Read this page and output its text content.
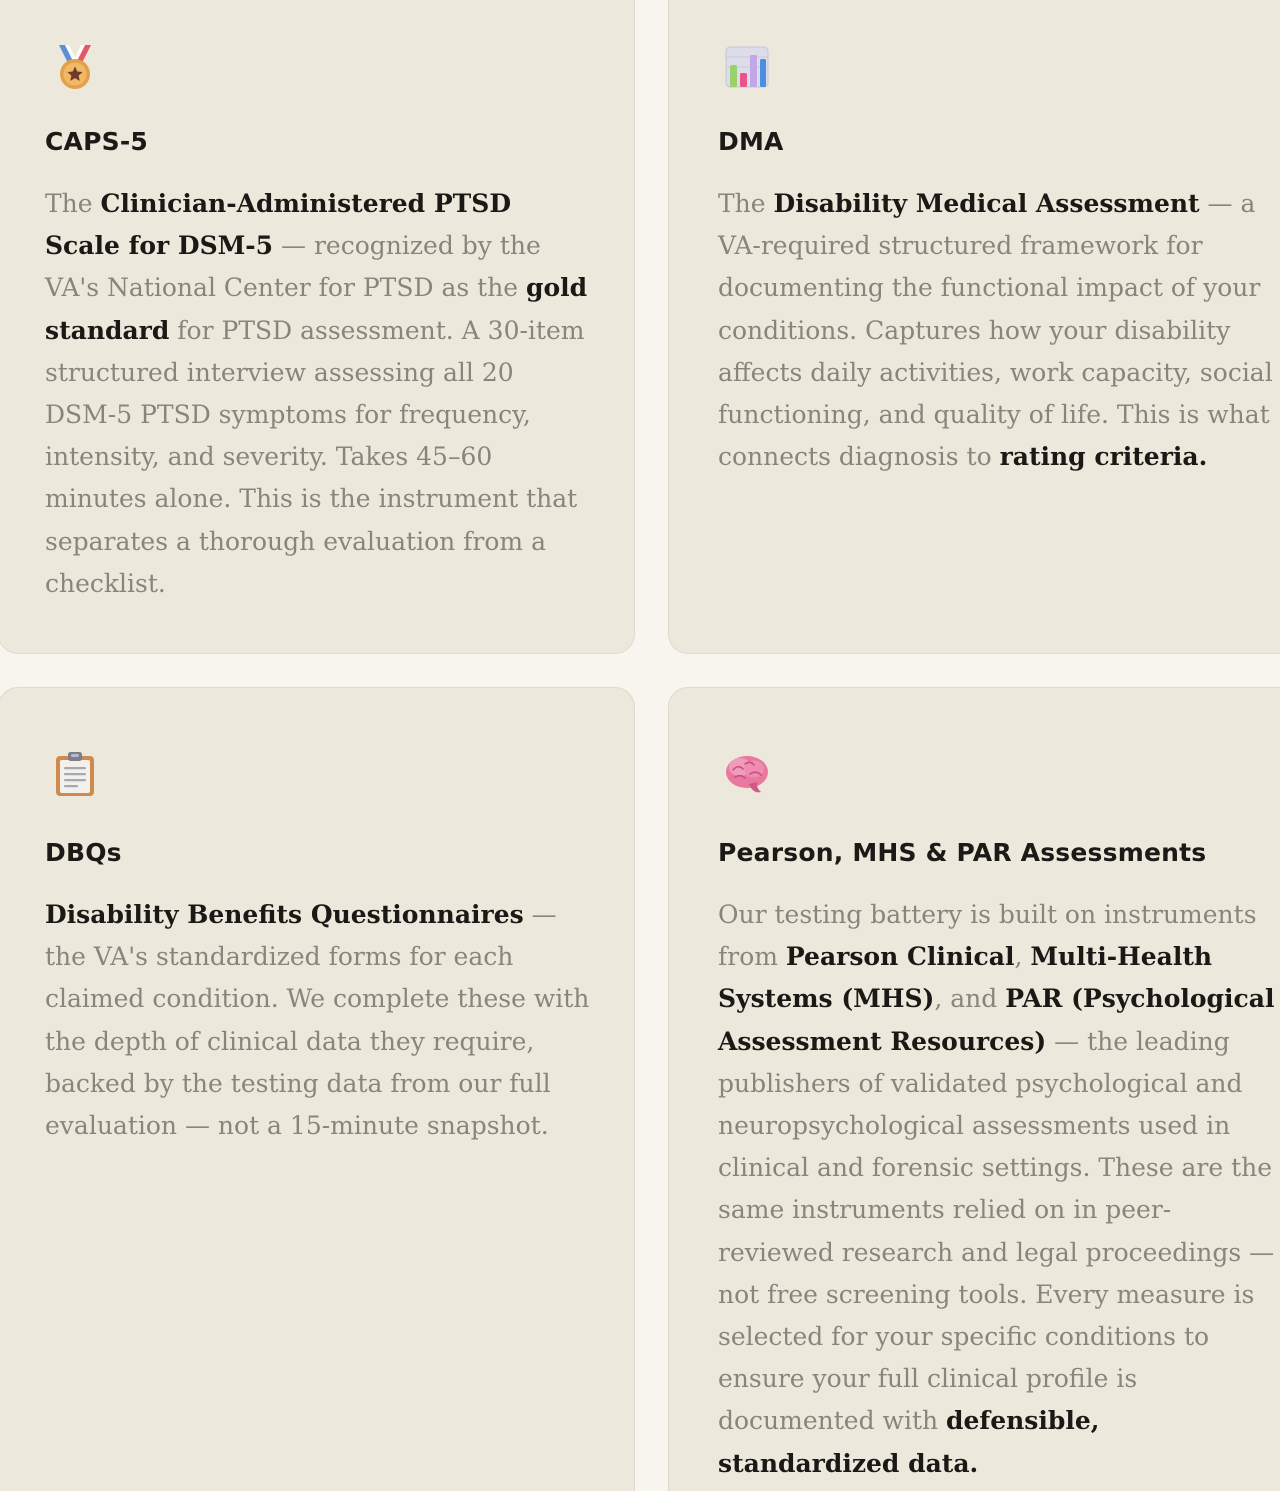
CAPS-5

The Clinician-Administered PTSD Scale for DSM-5 — recognized by the VA's National Center for PTSD as the gold standard for PTSD assessment. A 30-item structured interview assessing all 20 DSM-5 PTSD symptoms for frequency, intensity, and severity. Takes 45–60 minutes alone. This is the instrument that separates a thorough evaluation from a checklist.

DMA

The Disability Medical Assessment — a VA-required structured framework for documenting the functional impact of your conditions. Captures how your disability affects daily activities, work capacity, social functioning, and quality of life. This is what connects diagnosis to rating criteria.

DBQs

Disability Benefits Questionnaires — the VA's standardized forms for each claimed condition. We complete these with the depth of clinical data they require, backed by the testing data from our full evaluation — not a 15-minute snapshot.

Pearson, MHS & PAR Assessments

Our testing battery is built on instruments from Pearson Clinical, Multi-Health Systems (MHS), and PAR (Psychological Assessment Resources) — the leading publishers of validated psychological and neuropsychological assessments used in clinical and forensic settings. These are the same instruments relied on in peer-reviewed research and legal proceedings — not free screening tools. Every measure is selected for your specific conditions to ensure your full clinical profile is documented with defensible, standardized data.
